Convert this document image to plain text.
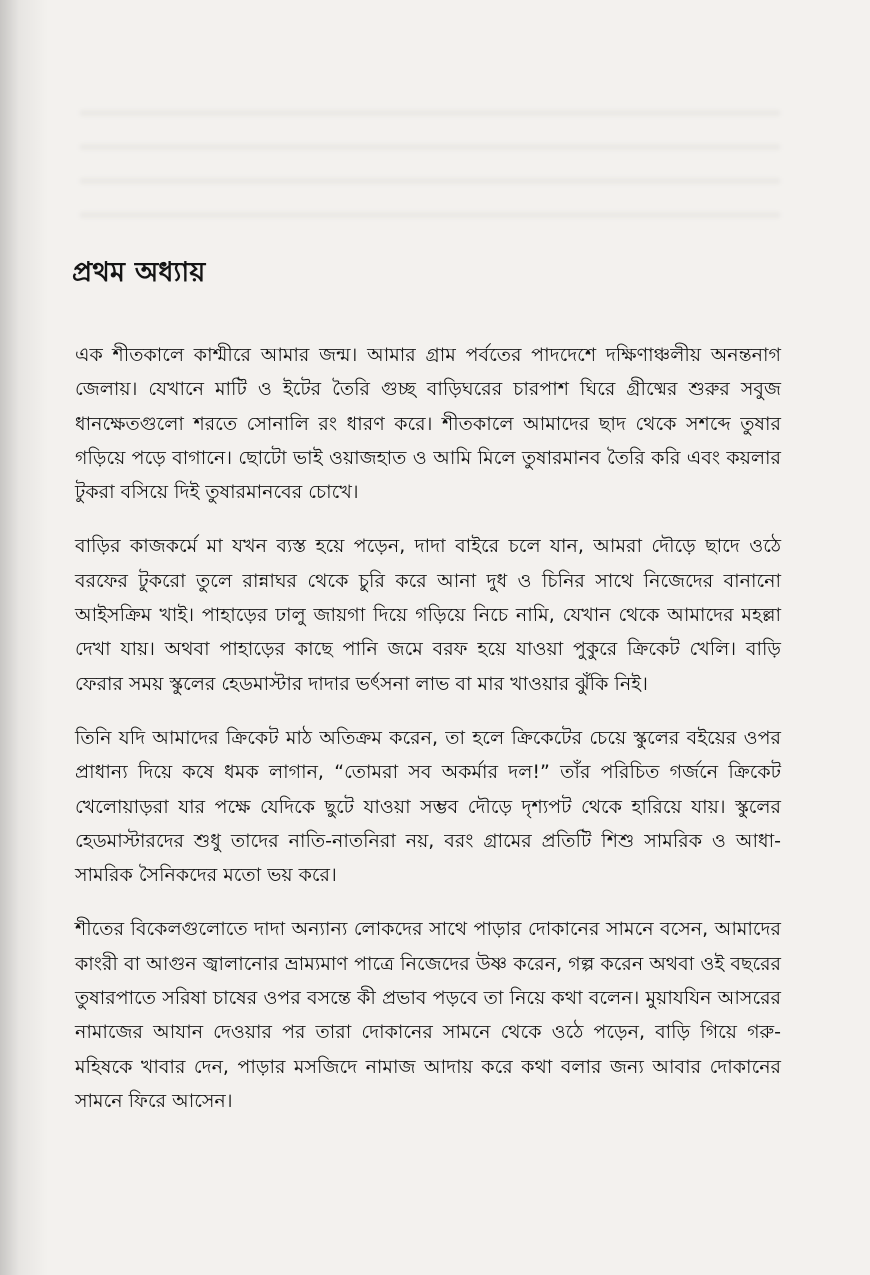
প্রথম অধ্যায়

এক শীতকালে কাশ্মীরে আমার জন্ম। আমার গ্রাম পর্বতের পাদদেশে দক্ষিণাঞ্চলীয় অনন্তনাগ জেলায়। যেখানে মাটি ও ইটের তৈরি গুচ্ছ বাড়িঘরের চারপাশ ঘিরে গ্রীষ্মের শুরুর সবুজ ধানক্ষেতগুলো শরতে সোনালি রং ধারণ করে। শীতকালে আমাদের ছাদ থেকে সশব্দে তুষার গড়িয়ে পড়ে বাগানে। ছোটো ভাই ওয়াজহাত ও আমি মিলে তুষারমানব তৈরি করি এবং কয়লার টুকরা বসিয়ে দিই তুষারমানবের চোখে।

বাড়ির কাজকর্মে মা যখন ব্যস্ত হয়ে পড়েন, দাদা বাইরে চলে যান, আমরা দৌড়ে ছাদে ওঠে বরফের টুকরো তুলে রান্নাঘর থেকে চুরি করে আনা দুধ ও চিনির সাথে নিজেদের বানানো আইসক্রিম খাই। পাহাড়ের ঢালু জায়গা দিয়ে গড়িয়ে নিচে নামি, যেখান থেকে আমাদের মহল্লা দেখা যায়। অথবা পাহাড়ের কাছে পানি জমে বরফ হয়ে যাওয়া পুকুরে ক্রিকেট খেলি। বাড়ি ফেরার সময় স্কুলের হেডমাস্টার দাদার ভর্ৎসনা লাভ বা মার খাওয়ার ঝুঁকি নিই।

তিনি যদি আমাদের ক্রিকেট মাঠ অতিক্রম করেন, তা হলে ক্রিকেটের চেয়ে স্কুলের বইয়ের ওপর প্রাধান্য দিয়ে কষে ধমক লাগান, “তোমরা সব অকর্মার দল!” তাঁর পরিচিত গর্জনে ক্রিকেট খেলোয়াড়রা যার পক্ষে যেদিকে ছুটে যাওয়া সম্ভব দৌড়ে দৃশ্যপট থেকে হারিয়ে যায়। স্কুলের হেডমাস্টারদের শুধু তাদের নাতি-নাতনিরা নয়, বরং গ্রামের প্রতিটি শিশু সামরিক ও আধা-সামরিক সৈনিকদের মতো ভয় করে।

শীতের বিকেলগুলোতে দাদা অন্যান্য লোকদের সাথে পাড়ার দোকানের সামনে বসেন, আমাদের কাংরী বা আগুন জ্বালানোর ভ্রাম্যমাণ পাত্রে নিজেদের উষ্ণ করেন, গল্প করেন অথবা ওই বছরের তুষারপাতে সরিষা চাষের ওপর বসন্তে কী প্রভাব পড়বে তা নিয়ে কথা বলেন। মুয়াযযিন আসরের নামাজের আযান দেওয়ার পর তারা দোকানের সামনে থেকে ওঠে পড়েন, বাড়ি গিয়ে গরু-মহিষকে খাবার দেন, পাড়ার মসজিদে নামাজ আদায় করে কথা বলার জন্য আবার দোকানের সামনে ফিরে আসেন।
